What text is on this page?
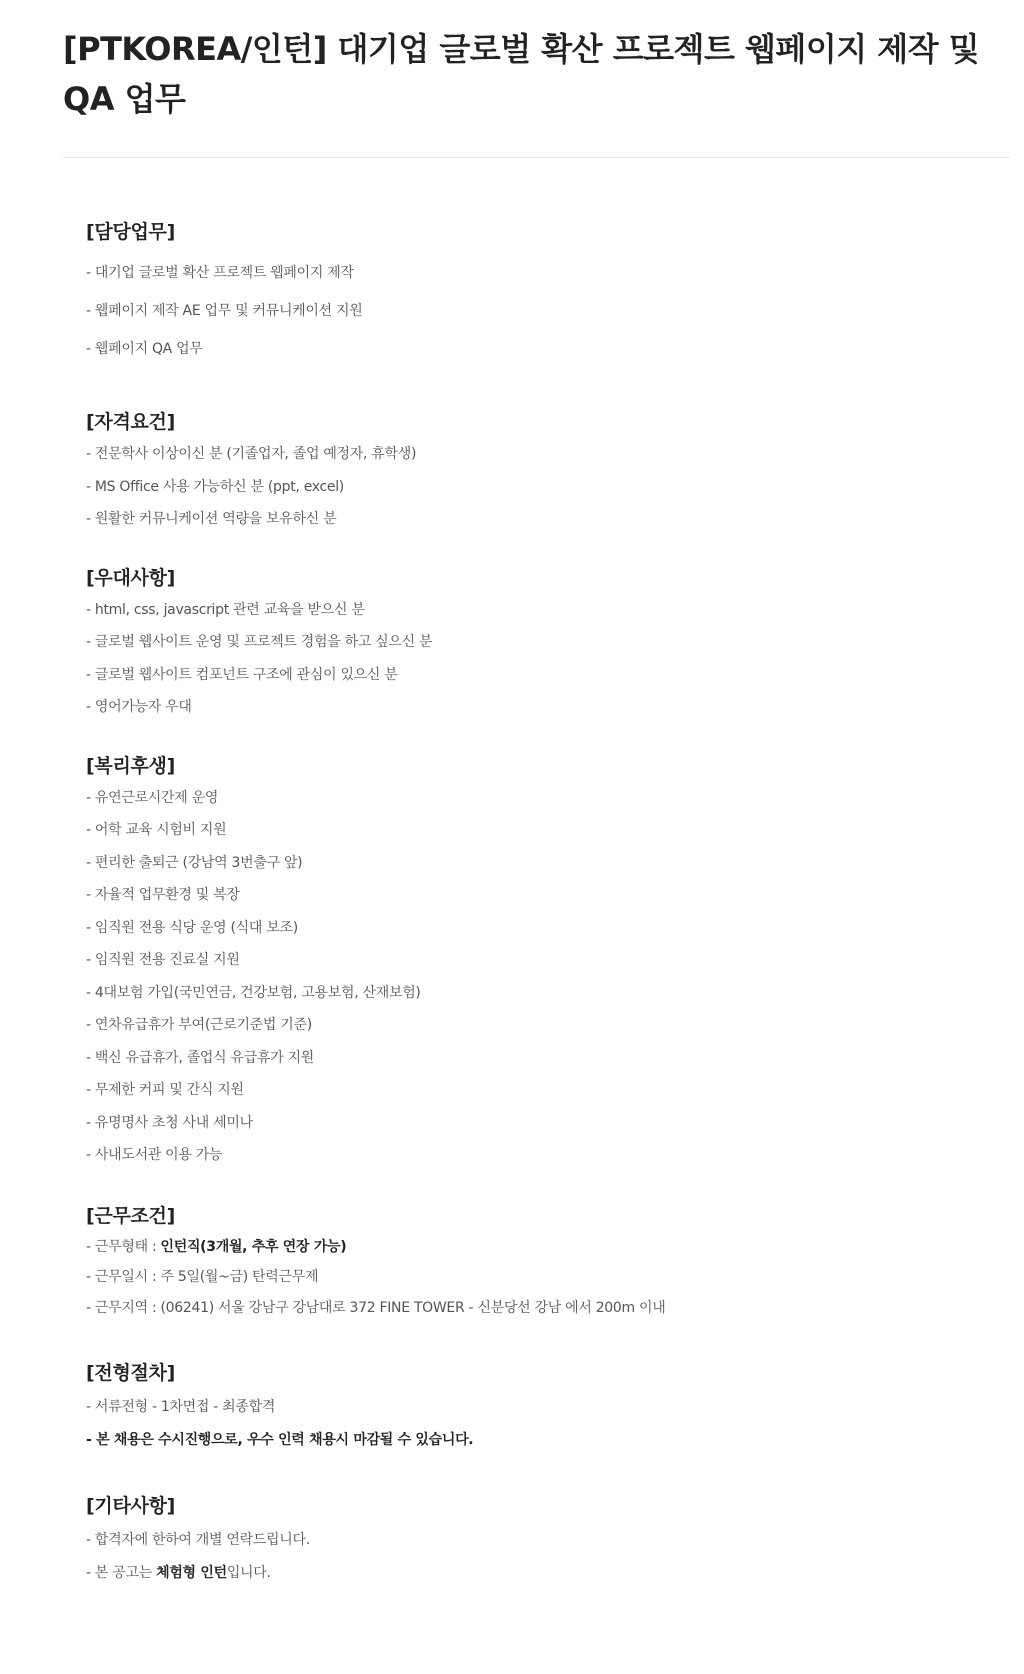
[PTKOREA/인턴] 대기업 글로벌 확산 프로젝트 웹페이지 제작 및 QA 업무
[담당업무]
- 대기업 글로벌 확산 프로젝트 웹페이지 제작
- 웹페이지 제작 AE 업무 및 커뮤니케이션 지원
- 웹페이지 QA 업무
[자격요건]
- 전문학사 이상이신 분 (기졸업자, 졸업 예정자, 휴학생)
- MS Office 사용 가능하신 분 (ppt, excel)
- 원활한 커뮤니케이션 역량을 보유하신 분
[우대사항]
- html, css, javascript 관련 교육을 받으신 분
- 글로벌 웹사이트 운영 및 프로젝트 경험을 하고 싶으신 분
- 글로벌 웹사이트 컴포넌트 구조에 관심이 있으신 분
- 영어가능자 우대
[복리후생]
- 유연근로시간제 운영
- 어학 교육 시험비 지원
- 편리한 출퇴근 (강남역 3번출구 앞)
- 자율적 업무환경 및 복장
- 임직원 전용 식당 운영 (식대 보조)
- 임직원 전용 진료실 지원
- 4대보험 가입(국민연금, 건강보험, 고용보험, 산재보험)
- 연차유급휴가 부여(근로기준법 기준)
- 백신 유급휴가, 졸업식 유급휴가 지원
- 무제한 커피 및 간식 지원
- 유명명사 초청 사내 세미나
- 사내도서관 이용 가능
[근무조건]
- 근무형태 : 인턴직(3개월, 추후 연장 가능)
- 근무일시 : 주 5일(월~금) 탄력근무제
- 근무지역 : (06241) 서울 강남구 강남대로 372 FINE TOWER - 신분당선 강남 에서 200m 이내
[전형절차]
- 서류전형 - 1차면접 - 최종합격
- 본 채용은 수시진행으로, 우수 인력 채용시 마감될 수 있습니다.
[기타사항]
- 합격자에 한하여 개별 연락드립니다.
- 본 공고는 체험형 인턴입니다.
